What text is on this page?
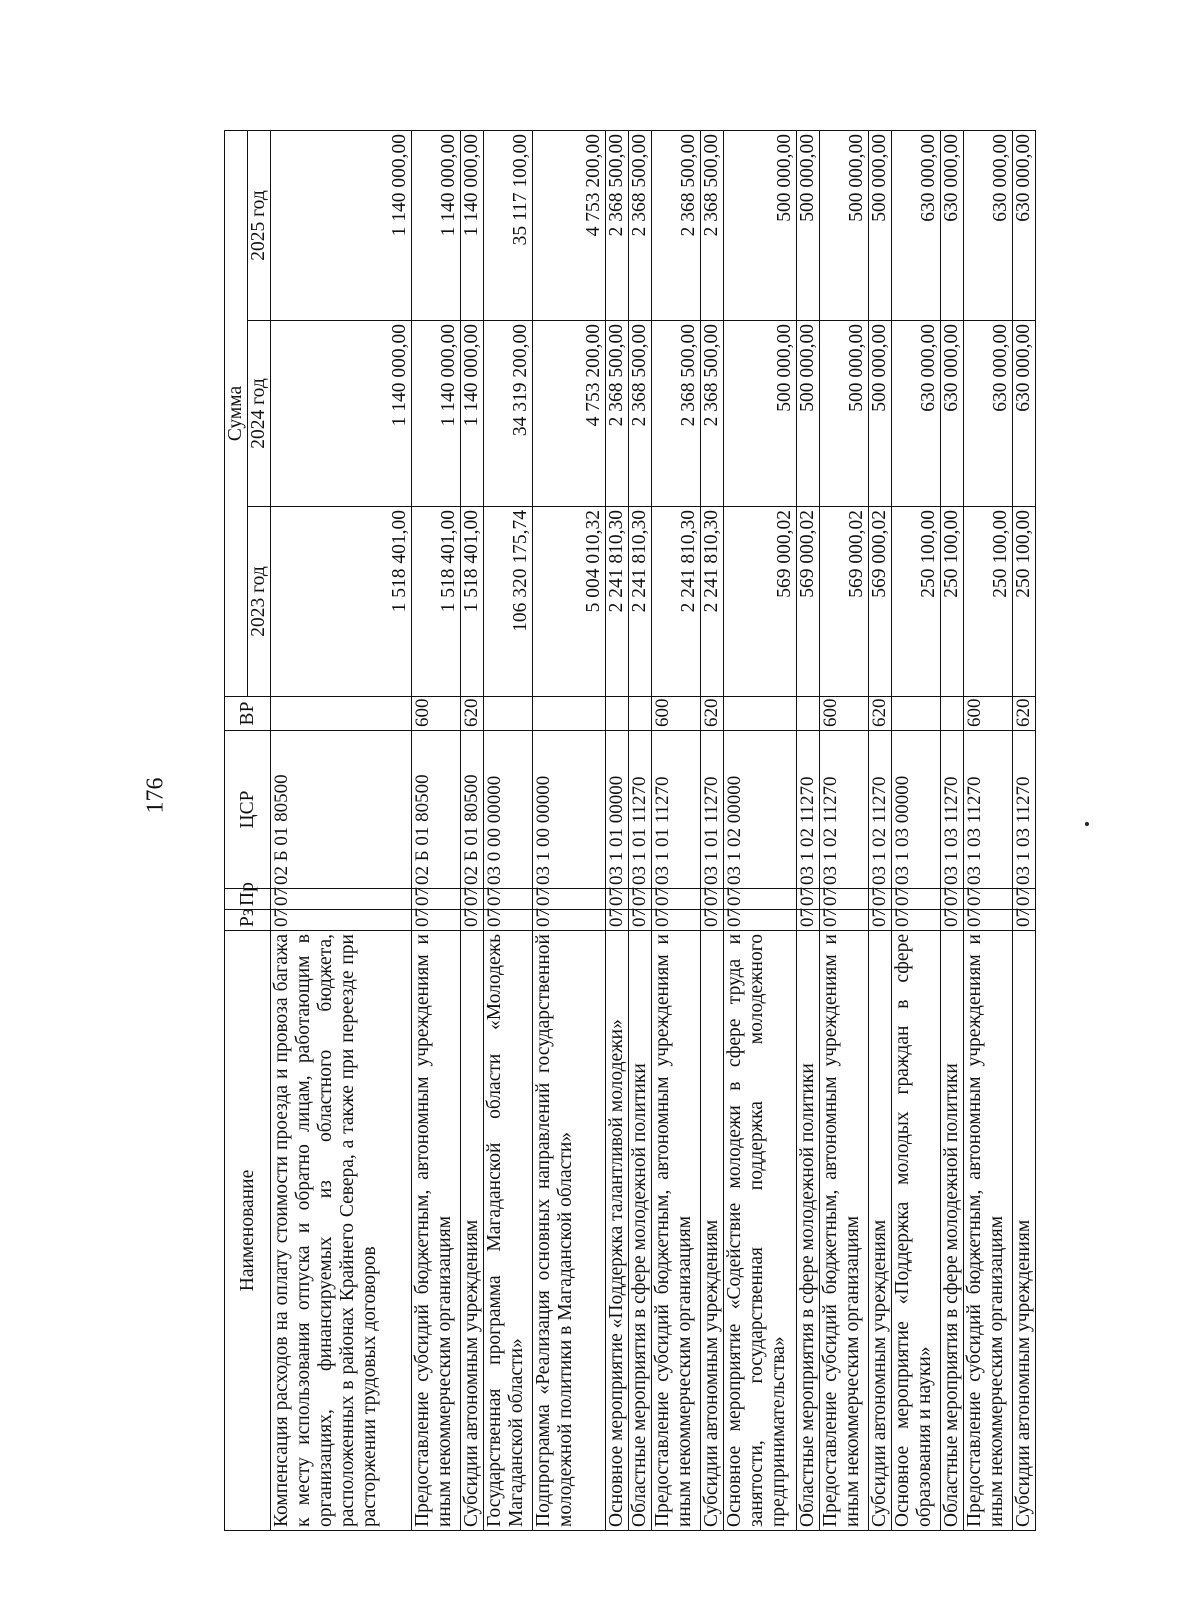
176
Наименование	Рз	Пр	ЦСР	ВР	Сумма		
					2023 год	2024 год	2025 год
Компенсация расходов на оплату стоимости проезда и провоза багажа к месту использования отпуска и обратно лицам, работающим в организациях, финансируемых из областного бюджета, расположенных в районах Крайнего Севера, а также при переезде при расторжении трудовых договоров	07	07	02 Б 01 80500		1 518 401,00	1 140 000,00	1 140 000,00
Предоставление субсидий бюджетным, автономным учреждениям и иным некоммерческим организациям	07	07	02 Б 01 80500	600	1 518 401,00	1 140 000,00	1 140 000,00
Субсидии автономным учреждениям	07	07	02 Б 01 80500	620	1 518 401,00	1 140 000,00	1 140 000,00
Государственная программа Магаданской области «Молодежь Магаданской области»	07	07	03 0 00 00000		106 320 175,74	34 319 200,00	35 117 100,00
Подпрограмма «Реализация основных направлений государственной молодежной политики в Магаданской области»	07	07	03 1 00 00000		5 004 010,32	4 753 200,00	4 753 200,00
Основное мероприятие «Поддержка талантливой молодежи»	07	07	03 1 01 00000		2 241 810,30	2 368 500,00	2 368 500,00
Областные мероприятия в сфере молодежной политики	07	07	03 1 01 11270		2 241 810,30	2 368 500,00	2 368 500,00
Предоставление субсидий бюджетным, автономным учреждениям и иным некоммерческим организациям	07	07	03 1 01 11270	600	2 241 810,30	2 368 500,00	2 368 500,00
Субсидии автономным учреждениям	07	07	03 1 01 11270	620	2 241 810,30	2 368 500,00	2 368 500,00
Основное мероприятие «Содействие молодежи в сфере труда и занятости, государственная поддержка молодежного предпринимательства»	07	07	03 1 02 00000		569 000,02	500 000,00	500 000,00
Областные мероприятия в сфере молодежной политики	07	07	03 1 02 11270		569 000,02	500 000,00	500 000,00
Предоставление субсидий бюджетным, автономным учреждениям и иным некоммерческим организациям	07	07	03 1 02 11270	600	569 000,02	500 000,00	500 000,00
Субсидии автономным учреждениям	07	07	03 1 02 11270	620	569 000,02	500 000,00	500 000,00
Основное мероприятие «Поддержка молодых граждан в сфере образования и науки»	07	07	03 1 03 00000		250 100,00	630 000,00	630 000,00
Областные мероприятия в сфере молодежной политики	07	07	03 1 03 11270		250 100,00	630 000,00	630 000,00
Предоставление субсидий бюджетным, автономным учреждениям и иным некоммерческим организациям	07	07	03 1 03 11270	600	250 100,00	630 000,00	630 000,00
Субсидии автономным учреждениям	07	07	03 1 03 11270	620	250 100,00	630 000,00	630 000,00
